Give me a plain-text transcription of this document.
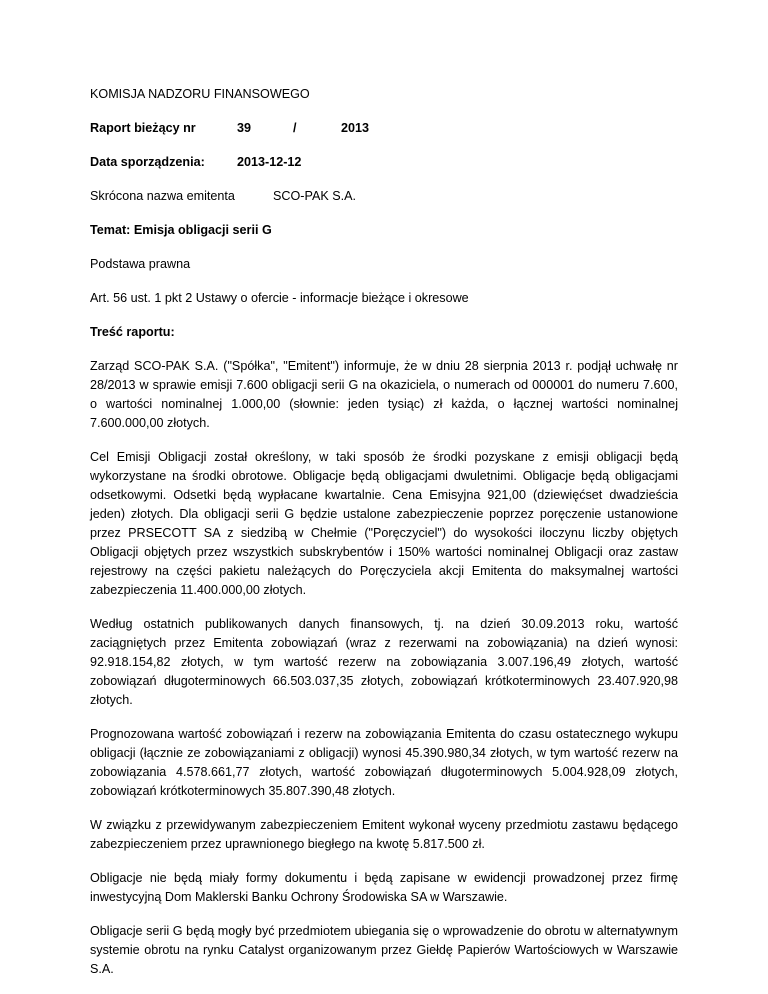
KOMISJA NADZORU FINANSOWEGO
Raport bieżący nr	39	/	2013
Data sporządzenia:	2013-12-12
Skrócona nazwa emitenta	SCO-PAK S.A.
Temat: Emisja obligacji serii G
Podstawa prawna
Art. 56 ust. 1 pkt 2 Ustawy o ofercie - informacje bieżące i okresowe
Treść raportu:

Zarząd SCO-PAK S.A. ("Spółka", "Emitent") informuje, że w dniu 28 sierpnia 2013 r. podjął uchwałę nr 28/2013 w sprawie emisji 7.600 obligacji serii G na okaziciela, o numerach od 000001 do numeru 7.600, o wartości nominalnej 1.000,00 (słownie: jeden tysiąc) zł każda, o łącznej wartości nominalnej 7.600.000,00 złotych.

Cel Emisji Obligacji został określony, w taki sposób że środki pozyskane z emisji obligacji będą wykorzystane na środki obrotowe. Obligacje będą obligacjami dwuletnimi. Obligacje będą obligacjami odsetkowymi. Odsetki będą wypłacane kwartalnie. Cena Emisyjna 921,00 (dziewięćset dwadzieścia jeden) złotych. Dla obligacji serii G będzie ustalone zabezpieczenie poprzez poręczenie ustanowione przez PRSECOTT SA z siedzibą w Chełmie ("Poręczyciel") do wysokości iloczynu liczby objętych Obligacji objętych przez wszystkich subskrybentów i 150% wartości nominalnej Obligacji oraz zastaw rejestrowy na części pakietu należących do Poręczyciela akcji Emitenta do maksymalnej wartości zabezpieczenia 11.400.000,00 złotych.

Według ostatnich publikowanych danych finansowych, tj. na dzień 30.09.2013 roku, wartość zaciągniętych przez Emitenta zobowiązań (wraz z rezerwami na zobowiązania) na dzień wynosi: 92.918.154,82 złotych, w tym wartość rezerw na zobowiązania 3.007.196,49 złotych, wartość zobowiązań długoterminowych 66.503.037,35 złotych, zobowiązań krótkoterminowych 23.407.920,98 złotych.

Prognozowana wartość zobowiązań i rezerw na zobowiązania Emitenta do czasu ostatecznego wykupu obligacji (łącznie ze zobowiązaniami z obligacji) wynosi 45.390.980,34 złotych, w tym wartość rezerw na zobowiązania 4.578.661,77 złotych, wartość zobowiązań długoterminowych 5.004.928,09 złotych, zobowiązań krótkoterminowych 35.807.390,48 złotych.

W związku z przewidywanym zabezpieczeniem Emitent wykonał wyceny przedmiotu zastawu będącego zabezpieczeniem przez uprawnionego biegłego na kwotę 5.817.500 zł.

Obligacje nie będą miały formy dokumentu i będą zapisane w ewidencji prowadzonej przez firmę inwestycyjną Dom Maklerski Banku Ochrony Środowiska SA w Warszawie.

Obligacje serii G będą mogły być przedmiotem ubiegania się o wprowadzenie do obrotu w alternatywnym systemie obrotu na rynku Catalyst organizowanym przez Giełdę Papierów Wartościowych w Warszawie S.A.
